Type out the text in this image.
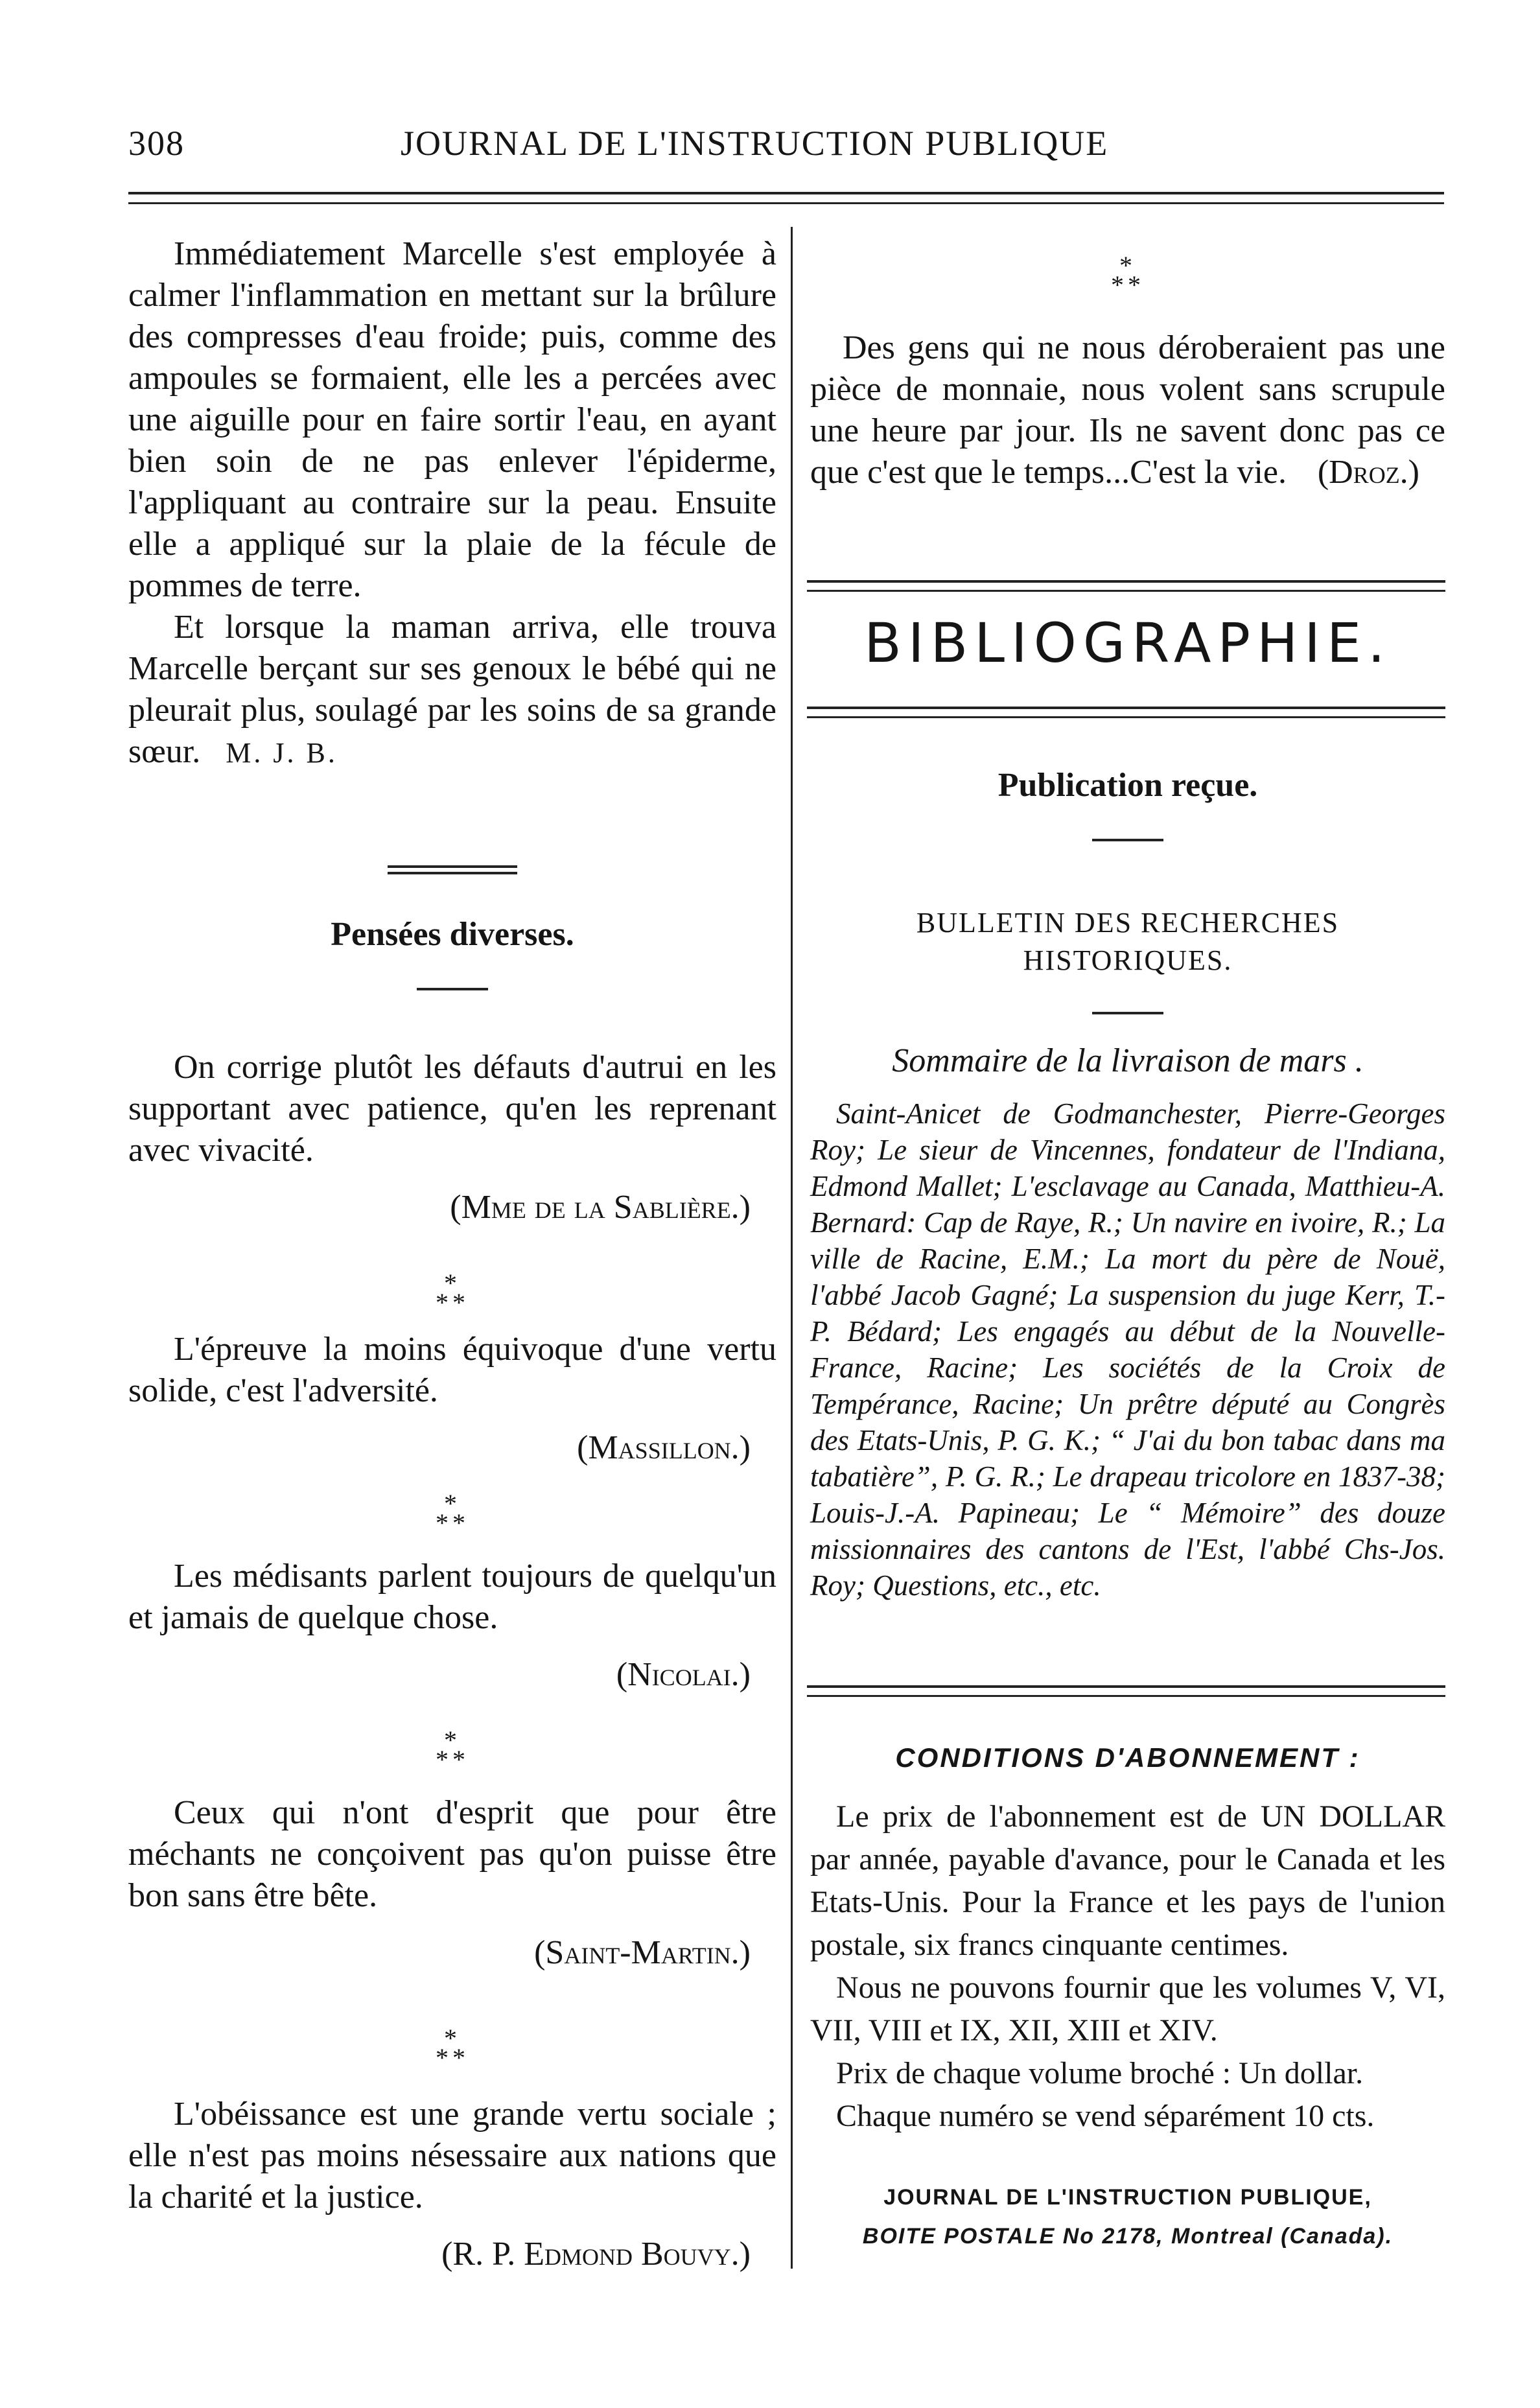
308	JOURNAL DE L'INSTRUCTION PUBLIQUE

Immédiatement Marcelle s'est employée à calmer l'inflammation en mettant sur la brûlure des compresses d'eau froide; puis, comme des ampoules se formaient, elle les a percées avec une aiguille pour en faire sortir l'eau, en ayant bien soin de ne pas enlever l'épiderme, l'appliquant au contraire sur la peau. Ensuite elle a appliqué sur la plaie de la fécule de pommes de terre.

Et lorsque la maman arriva, elle trouva Marcelle berçant sur ses genoux le bébé qui ne pleurait plus, soulagé par les soins de sa grande sœur. M. J. B.

Pensées diverses.
On corrige plutôt les défauts d'autrui en les supportant avec patience, qu'en les reprenant avec vivacité.
(Mme de la Sablière.)
*
**
L'épreuve la moins équivoque d'une vertu solide, c'est l'adversité.
(Massillon.)
*
**
Les médisants parlent toujours de quelqu'un et jamais de quelque chose.
(Nicolai.)
*
**
Ceux qui n'ont d'esprit que pour être méchants ne conçoivent pas qu'on puisse être bon sans être bête.
(Saint-Martin.)
*
**
L'obéissance est une grande vertu sociale ; elle n'est pas moins nésessaire aux nations que la charité et la justice.
(R. P. Edmond Bouvy.)
*
**
Des gens qui ne nous déroberaient pas une pièce de monnaie, nous volent sans scrupule une heure par jour. Ils ne savent donc pas ce que c'est que le temps...C'est la vie. (Droz.)
BIBLIOGRAPHIE.
Publication reçue.
BULLETIN DES RECHERCHES HISTORIQUES.
Sommaire de la livraison de mars .
Saint-Anicet de Godmanchester, Pierre-Georges Roy; Le sieur de Vincennes, fondateur de l'Indiana, Edmond Mallet; L'esclavage au Canada, Matthieu-A. Bernard: Cap de Raye, R.; Un navire en ivoire, R.; La ville de Racine, E.M.; La mort du père de Nouë, l'abbé Jacob Gagné; La suspension du juge Kerr, T.-P. Bédard; Les engagés au début de la Nouvelle-France, Racine; Les sociétés de la Croix de Tempérance, Racine; Un prêtre député au Congrès des Etats-Unis, P. G. K.; “ J'ai du bon tabac dans ma tabatière”, P. G. R.; Le drapeau tricolore en 1837-38; Louis-J.-A. Papineau; Le “ Mémoire” des douze missionnaires des cantons de l'Est, l'abbé Chs-Jos. Roy; Questions, etc., etc.
CONDITIONS D'ABONNEMENT :
Le prix de l'abonnement est de UN DOLLAR par année, payable d'avance, pour le Canada et les Etats-Unis. Pour la France et les pays de l'union postale, six francs cinquante centimes.
Nous ne pouvons fournir que les volumes V, VI, VII, VIII et IX, XII, XIII et XIV.
Prix de chaque volume broché : Un dollar.
Chaque numéro se vend séparément 10 cts.
JOURNAL DE L'INSTRUCTION PUBLIQUE,
BOITE POSTALE No 2178, Montreal (Canada).
